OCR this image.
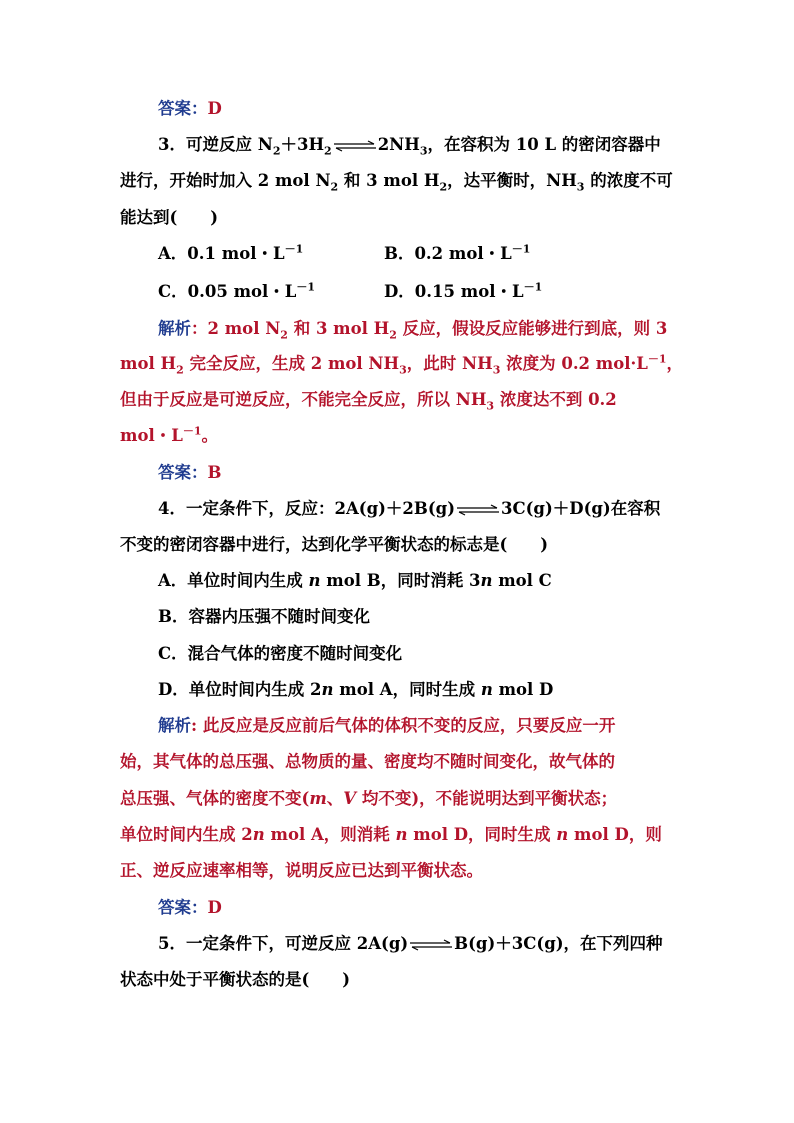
答案：D
3．可逆反应 $N_2+3H_2\rightleftharpoons 2NH_3$，在容积为 10 L 的密闭容器中
进行，开始时加入 2 mol $N_2$ 和 3 mol $H_2$，达平衡时，$NH_3$ 的浓度不可
能达到(　　)
A．0.1 mol・$L^{-1}$	B．0.2 mol・$L^{-1}$
C．0.05 mol・$L^{-1}$	D．0.15 mol・$L^{-1}$
解析：2 mol $N_2$ 和 3 mol $H_2$ 反应，假设反应能够进行到底，则 3
mol $H_2$ 完全反应，生成 2 mol $NH_3$，此时 $NH_3$ 浓度为 0.2 $mol\cdot L^{-1}$，
但由于反应是可逆反应，不能完全反应，所以 $NH_3$ 浓度达不到 0.2
mol・$L^{-1}$。
答案：B
4．一定条件下，反应：2A(g)＋2B(g)⇌3C(g)＋D(g)在容积
不变的密闭容器中进行，达到化学平衡状态的标志是(　　)
A．单位时间内生成 n mol B，同时消耗 3n mol C
B．容器内压强不随时间变化
C．混合气体的密度不随时间变化
D．单位时间内生成 2n mol A，同时生成 n mol D
解析: 此反应是反应前后气体的体积不变的反应，只要反应一开
始，其气体的总压强、总物质的量、密度均不随时间变化，故气体的
总压强、气体的密度不变(m、V 均不变)，不能说明达到平衡状态；
单位时间内生成 2n mol A，则消耗 n mol D，同时生成 n mol D，则
正、逆反应速率相等，说明反应已达到平衡状态。
答案：D
5．一定条件下，可逆反应 2A(g)⇌B(g)＋3C(g)，在下列四种
状态中处于平衡状态的是(　　)
